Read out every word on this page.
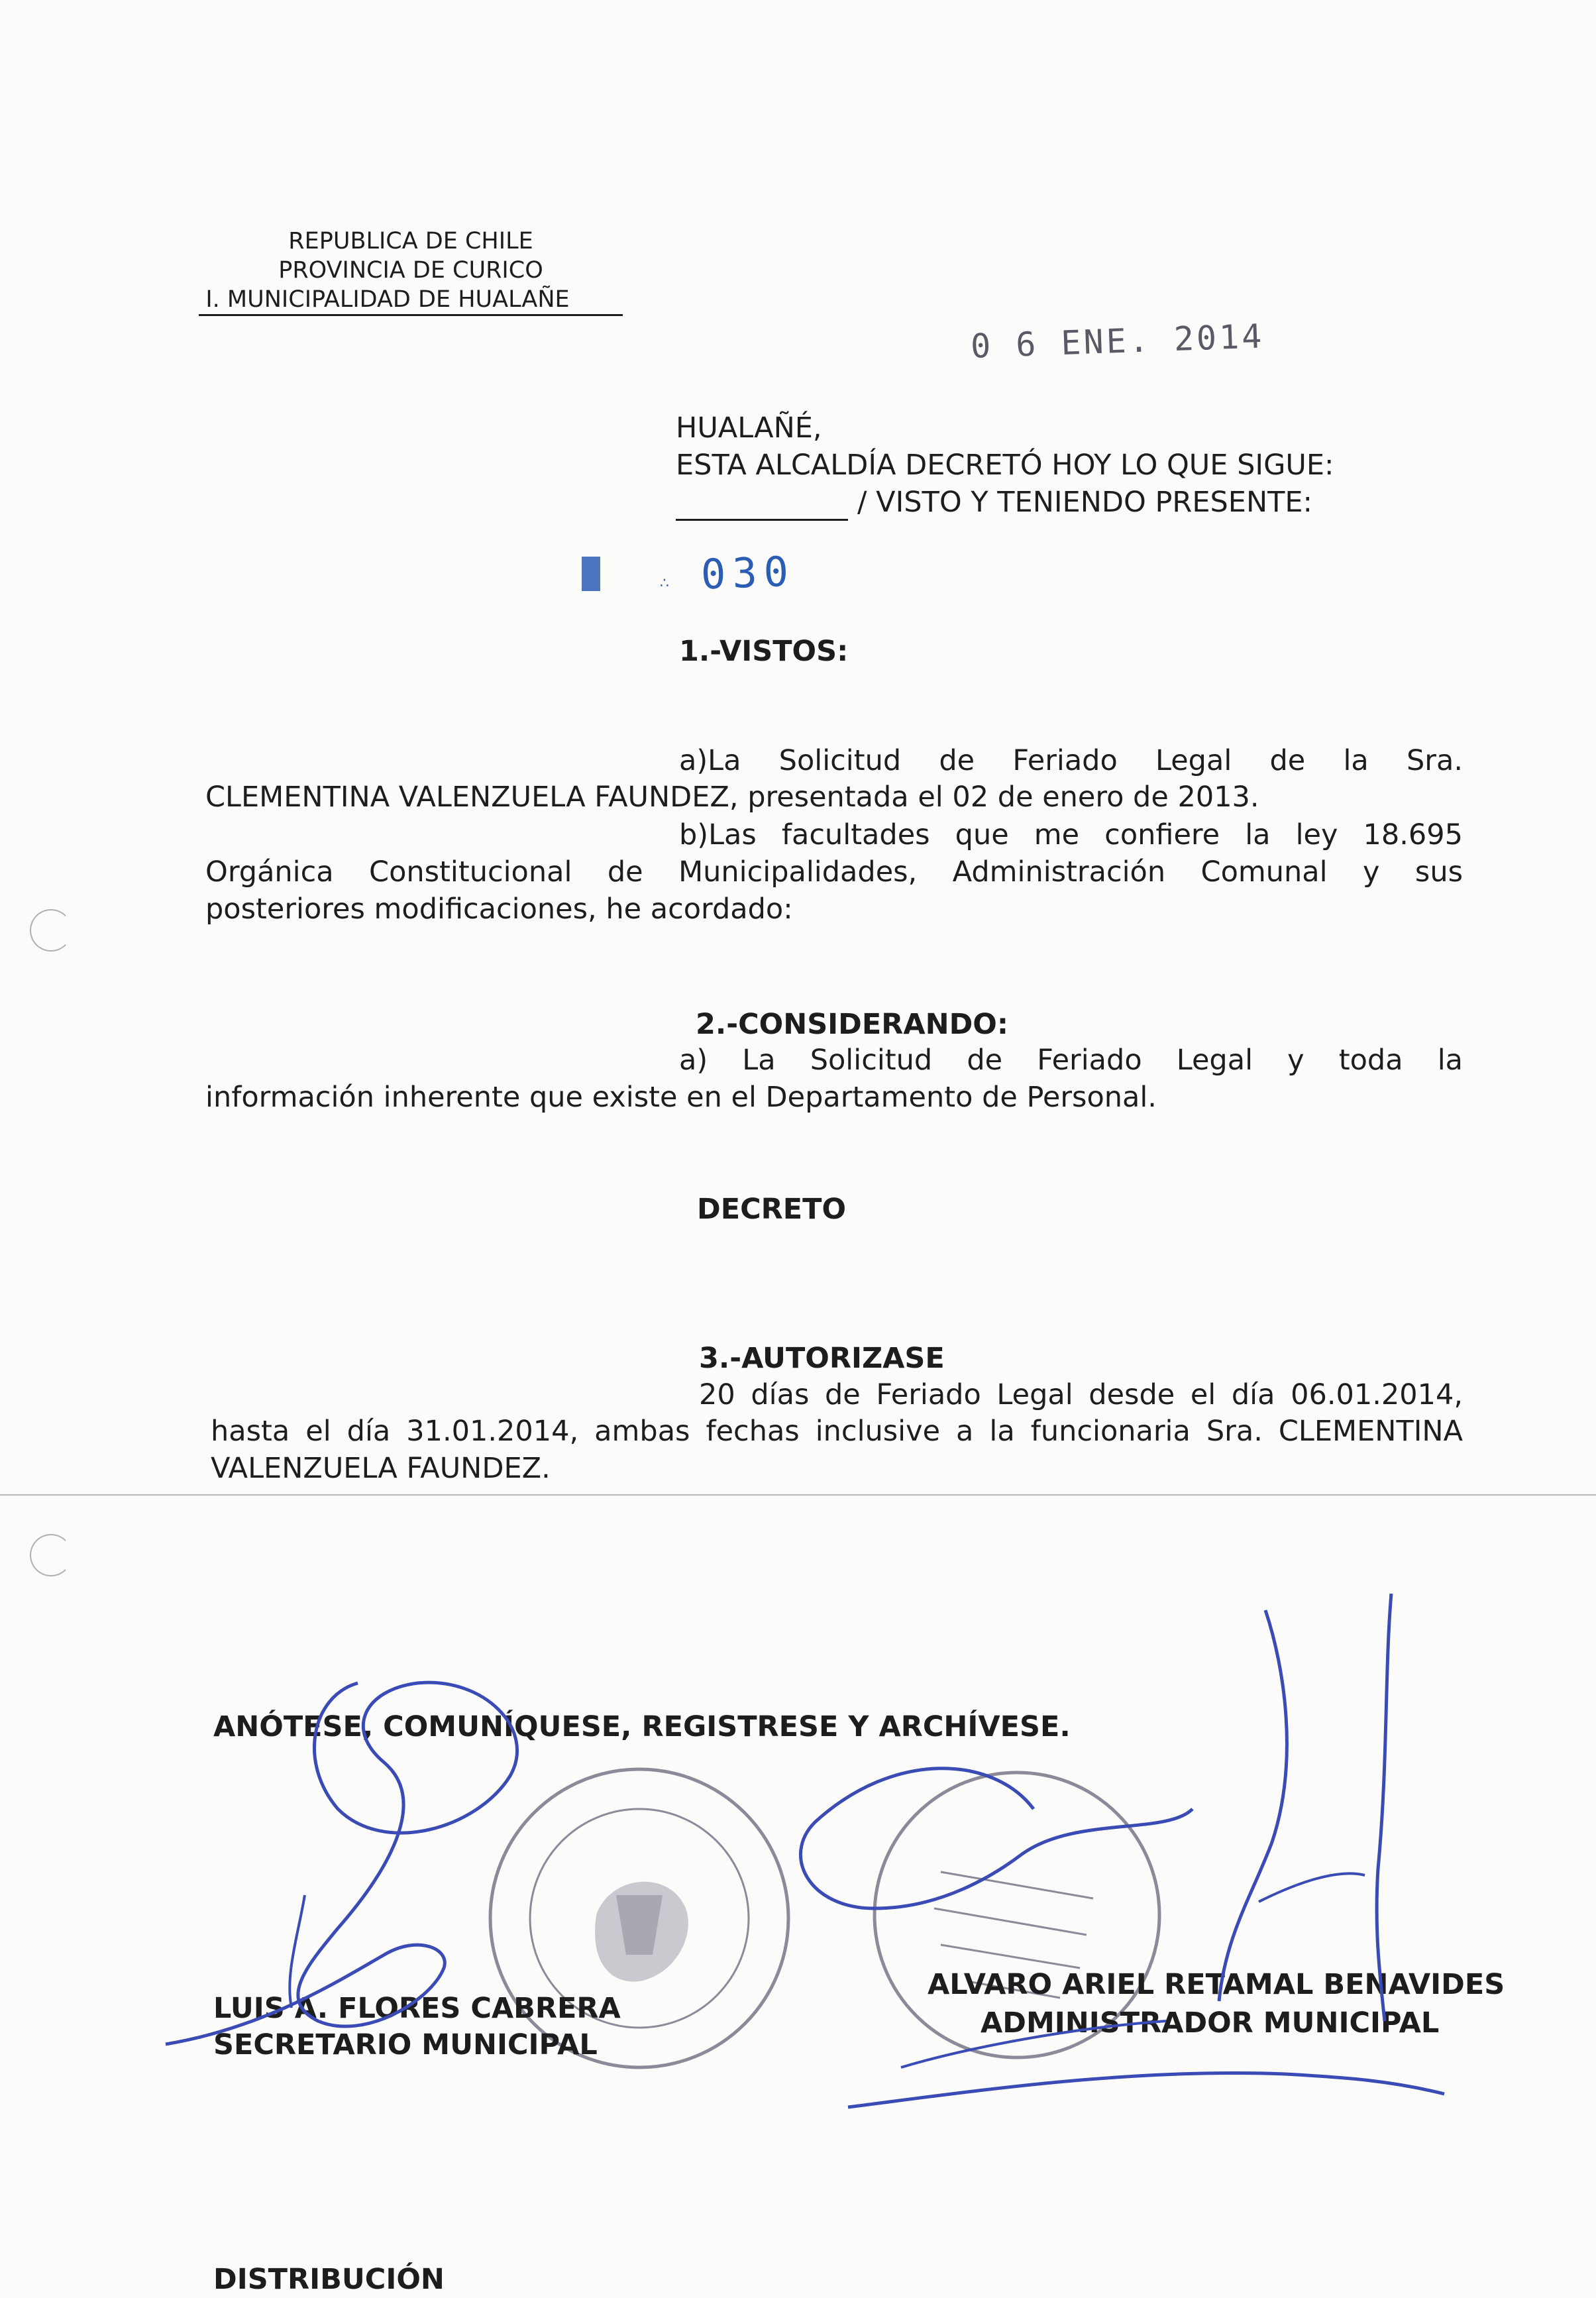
REPUBLICA DE CHILE
PROVINCIA DE CURICO
I. MUNICIPALIDAD DE HUALAÑE
0 6 ENE. 2014
HUALAÑÉ,
ESTA ALCALDÍA DECRETÓ HOY LO QUE SIGUE:
/ VISTO Y TENIENDO PRESENTE:
∴ 030
1.-VISTOS:
a)La Solicitud de Feriado Legal de la Sra.
CLEMENTINA VALENZUELA FAUNDEZ, presentada el 02 de enero de 2013.
b)Las facultades que me confiere la ley 18.695
Orgánica Constitucional de Municipalidades, Administración Comunal y sus
posteriores modificaciones, he acordado:
2.-CONSIDERANDO:
a) La Solicitud de Feriado Legal y toda la
información inherente que existe en el Departamento de Personal.
DECRETO
3.-AUTORIZASE
20 días de Feriado Legal desde el día 06.01.2014,
hasta el día 31.01.2014, ambas fechas inclusive a la funcionaria Sra. CLEMENTINA
VALENZUELA FAUNDEZ.
ANÓTESE, COMUNÍQUESE, REGISTRESE Y ARCHÍVESE.
LUIS A. FLORES CABRERA
SECRETARIO MUNICIPAL
ALVARO ARIEL RETAMAL BENAVIDES
ADMINISTRADOR MUNICIPAL
DISTRIBUCIÓN
